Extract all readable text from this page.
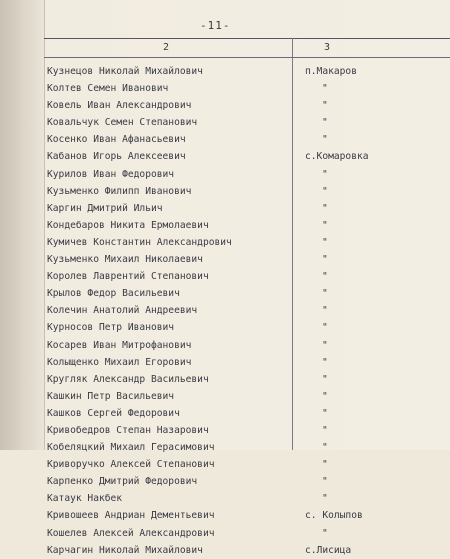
-11-
2	3
Кузнецов Николай Михайлович	п.Макаров
Колтев Семен Иванович	"
Ковель Иван Александрович	"
Ковальчук Семен Степанович	"
Косенко Иван Афанасьевич	"
Кабанов Игорь Алексеевич	с.Комаровка
Курилов Иван Федорович	"
Кузьменко Филипп Иванович	"
Каргин Дмитрий Ильич	"
Кондебаров Никита Ермолаевич	"
Кумичев Константин Александрович	"
Кузьменко Михаил Николаевич	"
Королев Лаврентий Степанович	"
Крылов Федор Васильевич	"
Колечин Анатолий Андреевич	"
Курносов Петр Иванович	"
Косарев Иван Митрофанович	"
Колыщенко Михаил Егорович	"
Кругляк Александр Васильевич	"
Кашкин Петр Васильевич	"
Кашков Сергей Федорович	"
Кривобедров Степан Назарович	"
Кобеляцкий Михаил Герасимович	"
Криворучко Алексей Степанович	"
Карпенко Дмитрий Федорович	"
Катаук Накбек	"
Кривошеев Андриан Дементьевич	с. Колыпов
Кошелев Алексей Александрович	"
Карчагин Николай Михайлович	с.Лисица
